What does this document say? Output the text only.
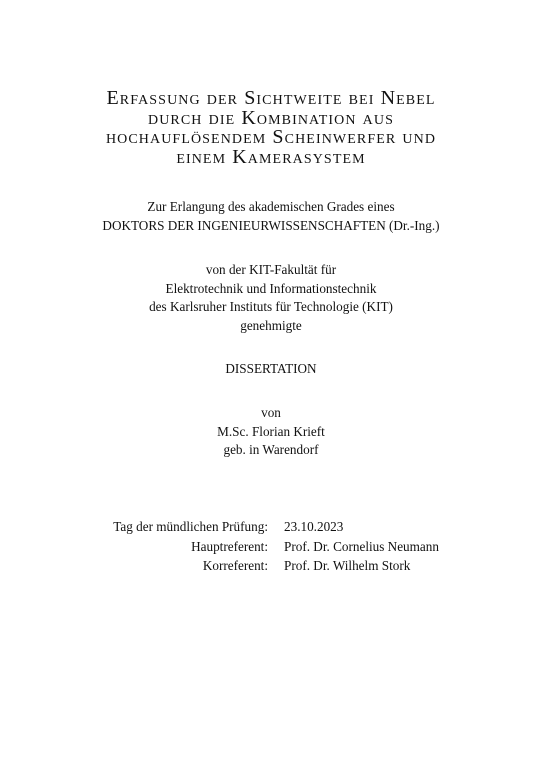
Erfassung der Sichtweite bei Nebel
durch die Kombination aus
hochauflösendem Scheinwerfer und
einem Kamerasystem
Zur Erlangung des akademischen Grades eines
DOKTORS DER INGENIEURWISSENSCHAFTEN (Dr.-Ing.)
von der KIT-Fakultät für
Elektrotechnik und Informationstechnik
des Karlsruher Instituts für Technologie (KIT)
genehmigte
DISSERTATION
von
M.Sc. Florian Krieft
geb. in Warendorf
Tag der mündlichen Prüfung: 23.10.2023
Hauptreferent: Prof. Dr. Cornelius Neumann
Korreferent: Prof. Dr. Wilhelm Stork
